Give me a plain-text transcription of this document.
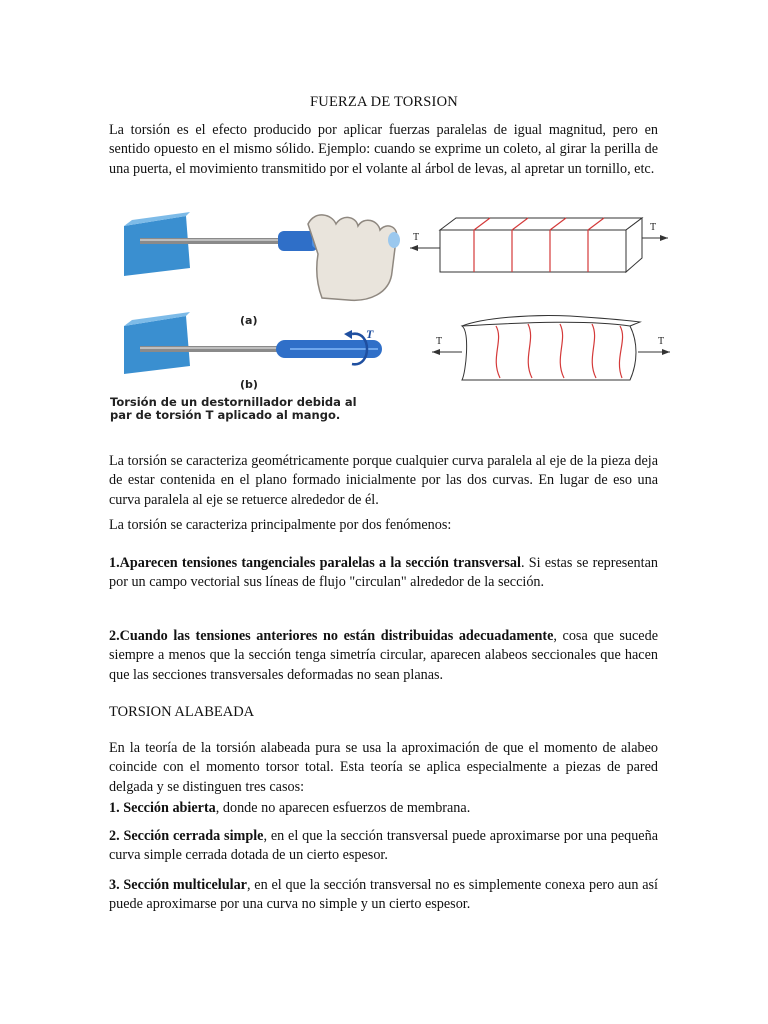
FUERZA DE TORSION
La torsión es el efecto producido por aplicar fuerzas paralelas de igual magnitud, pero en sentido opuesto en el mismo sólido. Ejemplo: cuando se exprime un coleto, al girar la perilla de una puerta, el movimiento transmitido por el volante al árbol de levas, al apretar un tornillo, etc.
T
T
T
T	T
(a)
(b)
Torsión de un destornillador debida al par de torsión T aplicado al mango.
La torsión se caracteriza geométricamente porque cualquier curva paralela al eje de la pieza deja de estar contenida en el plano formado inicialmente por las dos curvas. En lugar de eso una curva paralela al eje se retuerce alrededor de él.
La torsión se caracteriza principalmente por dos fenómenos:
1.Aparecen tensiones tangenciales paralelas a la sección transversal. Si estas se representan por un campo vectorial sus líneas de flujo "circulan" alrededor de la sección.
2.Cuando las tensiones anteriores no están distribuidas adecuadamente, cosa que sucede siempre a menos que la sección tenga simetría circular, aparecen alabeos seccionales que hacen que las secciones transversales deformadas no sean planas.
TORSION ALABEADA
En la teoría de la torsión alabeada pura se usa la aproximación de que el momento de alabeo coincide con el momento torsor total. Esta teoría se aplica especialmente a piezas de pared delgada y se distinguen tres casos:
1. Sección abierta, donde no aparecen esfuerzos de membrana.
2. Sección cerrada simple, en el que la sección transversal puede aproximarse por una pequeña curva simple cerrada dotada de un cierto espesor.
3. Sección multicelular, en el que la sección transversal no es simplemente conexa pero aun así puede aproximarse por una curva no simple y un cierto espesor.
